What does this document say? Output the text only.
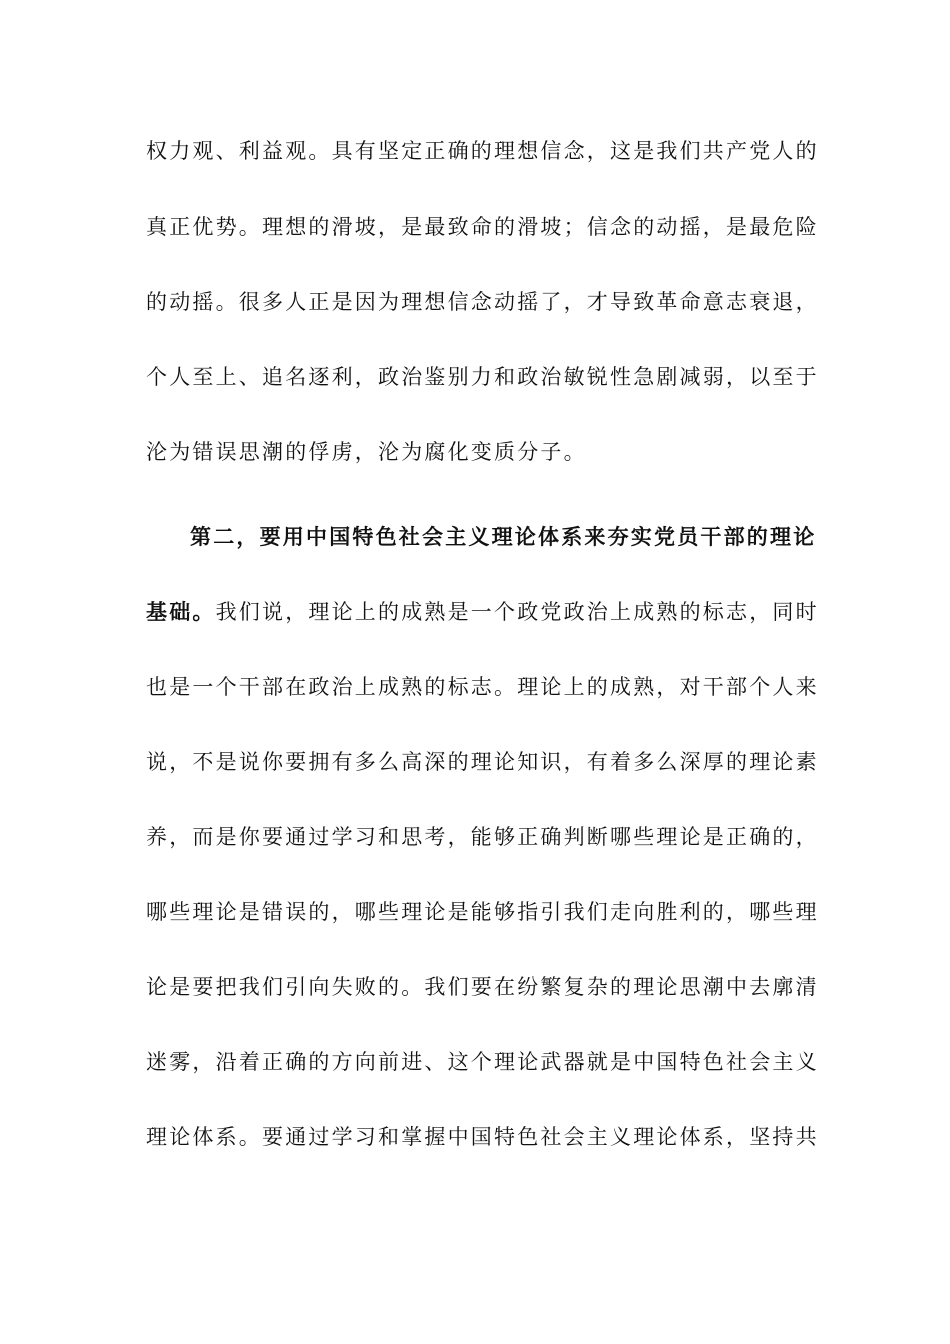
权力观、利益观。具有坚定正确的理想信念，这是我们共产党人的
真正优势。理想的滑坡，是最致命的滑坡；信念的动摇，是最危险
的动摇。很多人正是因为理想信念动摇了，才导致革命意志衰退，
个人至上、追名逐利，政治鉴别力和政治敏锐性急剧减弱，以至于
沦为错误思潮的俘虏，沦为腐化变质分子。
第二，要用中国特色社会主义理论体系来夯实党员干部的理论
基础。我们说，理论上的成熟是一个政党政治上成熟的标志，同时
也是一个干部在政治上成熟的标志。理论上的成熟，对干部个人来
说，不是说你要拥有多么高深的理论知识，有着多么深厚的理论素
养，而是你要通过学习和思考，能够正确判断哪些理论是正确的，
哪些理论是错误的，哪些理论是能够指引我们走向胜利的，哪些理
论是要把我们引向失败的。我们要在纷繁复杂的理论思潮中去廓清
迷雾，沿着正确的方向前进、这个理论武器就是中国特色社会主义
理论体系。要通过学习和掌握中国特色社会主义理论体系，坚持共
